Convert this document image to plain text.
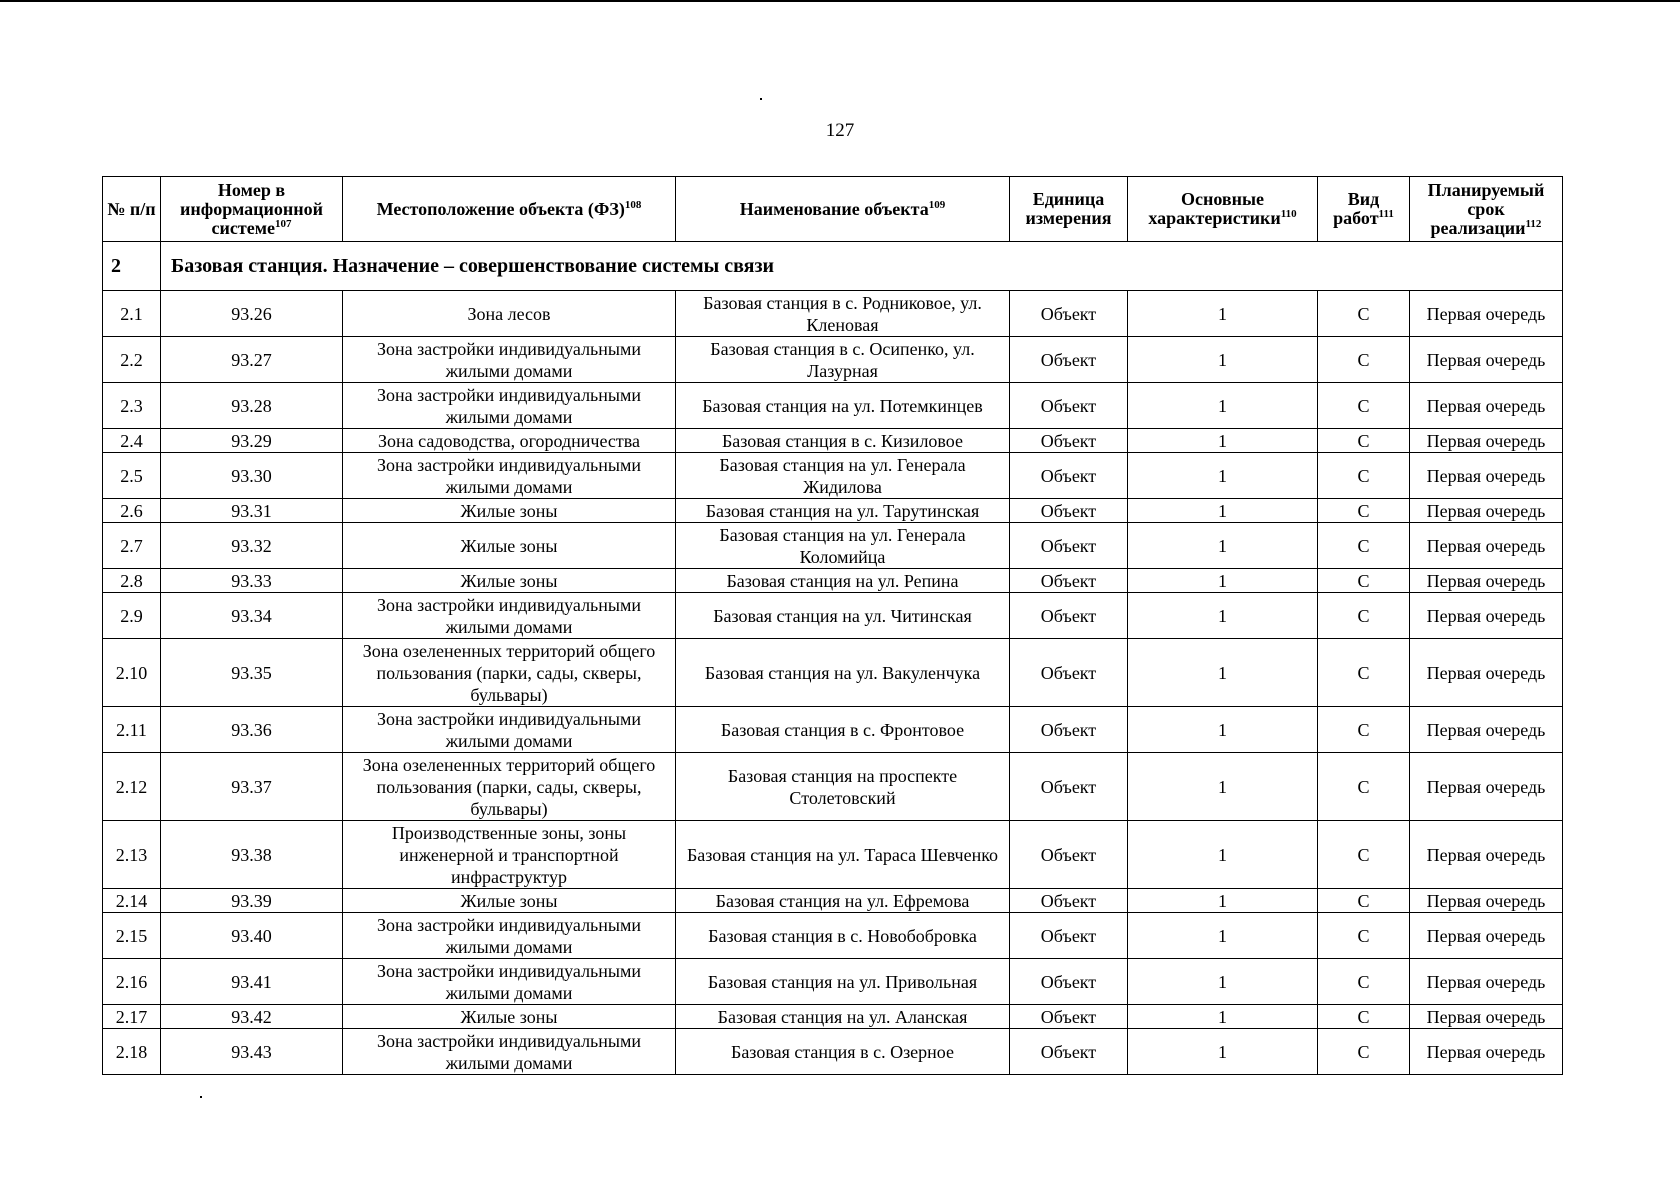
127
№ п/п	Номер в информационной системе$^{107}$	Местоположение объекта (ФЗ)$^{108}$	Наименование объекта$^{109}$	Единица измерения	Основные характеристики$^{110}$	Вид работ$^{111}$	Планируемый срок реализации$^{112}$
2	Базовая станция. Назначение – совершенствование системы связи						
2.1	93.26	Зона лесов	Базовая станция в с. Родниковое, ул. Кленовая	Объект	1	С	Первая очередь
2.2	93.27	Зона застройки индивидуальными жилыми домами	Базовая станция в с. Осипенко, ул. Лазурная	Объект	1	С	Первая очередь
2.3	93.28	Зона застройки индивидуальными жилыми домами	Базовая станция на ул. Потемкинцев	Объект	1	С	Первая очередь
2.4	93.29	Зона садоводства, огородничества	Базовая станция в с. Кизиловое	Объект	1	С	Первая очередь
2.5	93.30	Зона застройки индивидуальными жилыми домами	Базовая станция на ул. Генерала Жидилова	Объект	1	С	Первая очередь
2.6	93.31	Жилые зоны	Базовая станция на ул. Тарутинская	Объект	1	С	Первая очередь
2.7	93.32	Жилые зоны	Базовая станция на ул. Генерала Коломийца	Объект	1	С	Первая очередь
2.8	93.33	Жилые зоны	Базовая станция на ул. Репина	Объект	1	С	Первая очередь
2.9	93.34	Зона застройки индивидуальными жилыми домами	Базовая станция на ул. Читинская	Объект	1	С	Первая очередь
2.10	93.35	Зона озелененных территорий общего пользования (парки, сады, скверы, бульвары)	Базовая станция на ул. Вакуленчука	Объект	1	С	Первая очередь
2.11	93.36	Зона застройки индивидуальными жилыми домами	Базовая станция в с. Фронтовое	Объект	1	С	Первая очередь
2.12	93.37	Зона озелененных территорий общего пользования (парки, сады, скверы, бульвары)	Базовая станция на проспекте Столетовский	Объект	1	С	Первая очередь
2.13	93.38	Производственные зоны, зоны инженерной и транспортной инфраструктур	Базовая станция на ул. Тараса Шевченко	Объект	1	С	Первая очередь
2.14	93.39	Жилые зоны	Базовая станция на ул. Ефремова	Объект	1	С	Первая очередь
2.15	93.40	Зона застройки индивидуальными жилыми домами	Базовая станция в с. Новобобровка	Объект	1	С	Первая очередь
2.16	93.41	Зона застройки индивидуальными жилыми домами	Базовая станция на ул. Привольная	Объект	1	С	Первая очередь
2.17	93.42	Жилые зоны	Базовая станция на ул. Аланская	Объект	1	С	Первая очередь
2.18	93.43	Зона застройки индивидуальными жилыми домами	Базовая станция в с. Озерное	Объект	1	С	Первая очередь
